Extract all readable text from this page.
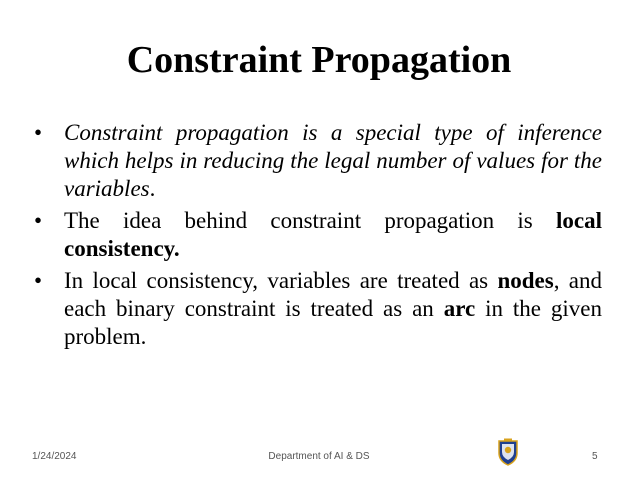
Constraint Propagation
• Constraint propagation is a special type of inference which helps in reducing the legal number of values for the variables.
• The idea behind constraint propagation is local consistency.
• In local consistency, variables are treated as nodes, and each binary constraint is treated as an arc in the given problem.
1/24/2024	Department of AI & DS	5
